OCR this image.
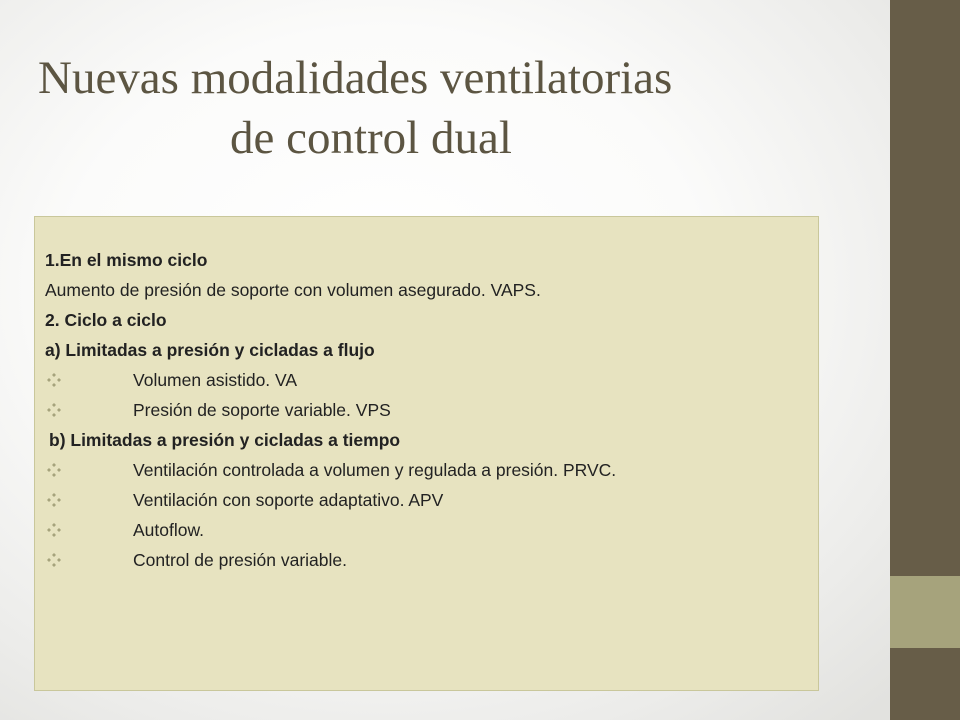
Nuevas modalidades ventilatorias
de control dual
1.En el mismo ciclo
Aumento de presión de soporte con volumen asegurado. VAPS.
2. Ciclo a ciclo
a) Limitadas a presión y cicladas a flujo
Volumen asistido. VA
Presión de soporte variable. VPS
b) Limitadas a presión y cicladas a tiempo
Ventilación controlada a volumen y regulada a presión. PRVC.
Ventilación con soporte adaptativo. APV
Autoflow.
Control de presión variable.
